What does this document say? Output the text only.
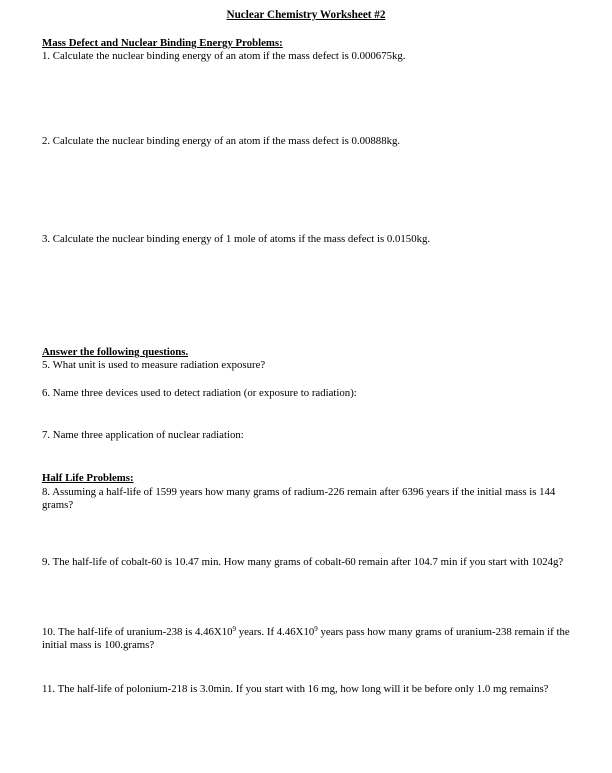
Nuclear Chemistry Worksheet #2
Mass Defect and Nuclear Binding Energy Problems:
1. Calculate the nuclear binding energy of an atom if the mass defect is 0.000675kg.
2. Calculate the nuclear binding energy of an atom if the mass defect is 0.00888kg.
3. Calculate the nuclear binding energy of 1 mole of atoms if the mass defect is 0.0150kg.
Answer the following questions.
5. What unit is used to measure radiation exposure?
6. Name three devices used to detect radiation (or exposure to radiation):
7. Name three application of nuclear radiation:
Half Life Problems:
8. Assuming a half-life of 1599 years how many grams of radium-226 remain after 6396 years if the initial mass is 144 grams?
9. The half-life of cobalt-60 is 10.47 min. How many grams of cobalt-60 remain after 104.7 min if you start with 1024g?
10. The half-life of uranium-238 is $4.46X10^9$ years. If $4.46X10^9$ years pass how many grams of uranium-238 remain if the initial mass is 100.grams?
11. The half-life of polonium-218 is 3.0min. If you start with 16 mg, how long will it be before only 1.0 mg remains?
